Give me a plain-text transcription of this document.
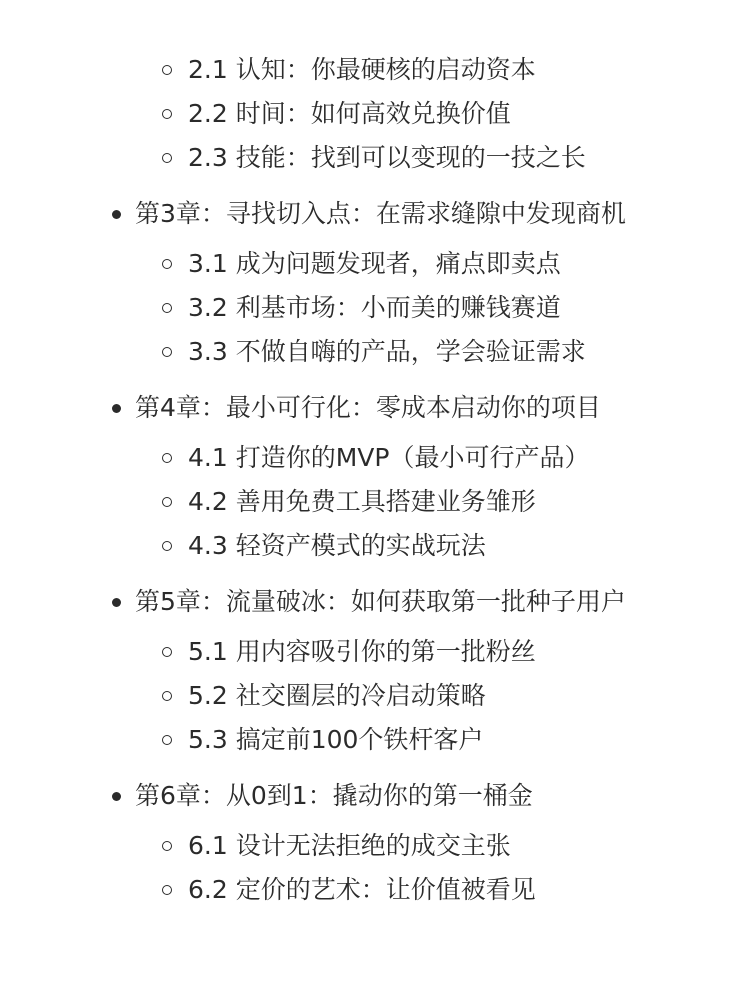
2.1 认知：你最硬核的启动资本
2.2 时间：如何高效兑换价值
2.3 技能：找到可以变现的一技之长
第3章：寻找切入点：在需求缝隙中发现商机
3.1 成为问题发现者，痛点即卖点
3.2 利基市场：小而美的赚钱赛道
3.3 不做自嗨的产品，学会验证需求
第4章：最小可行化：零成本启动你的项目
4.1 打造你的MVP（最小可行产品）
4.2 善用免费工具搭建业务雏形
4.3 轻资产模式的实战玩法
第5章：流量破冰：如何获取第一批种子用户
5.1 用内容吸引你的第一批粉丝
5.2 社交圈层的冷启动策略
5.3 搞定前100个铁杆客户
第6章：从0到1：撬动你的第一桶金
6.1 设计无法拒绝的成交主张
6.2 定价的艺术：让价值被看见
